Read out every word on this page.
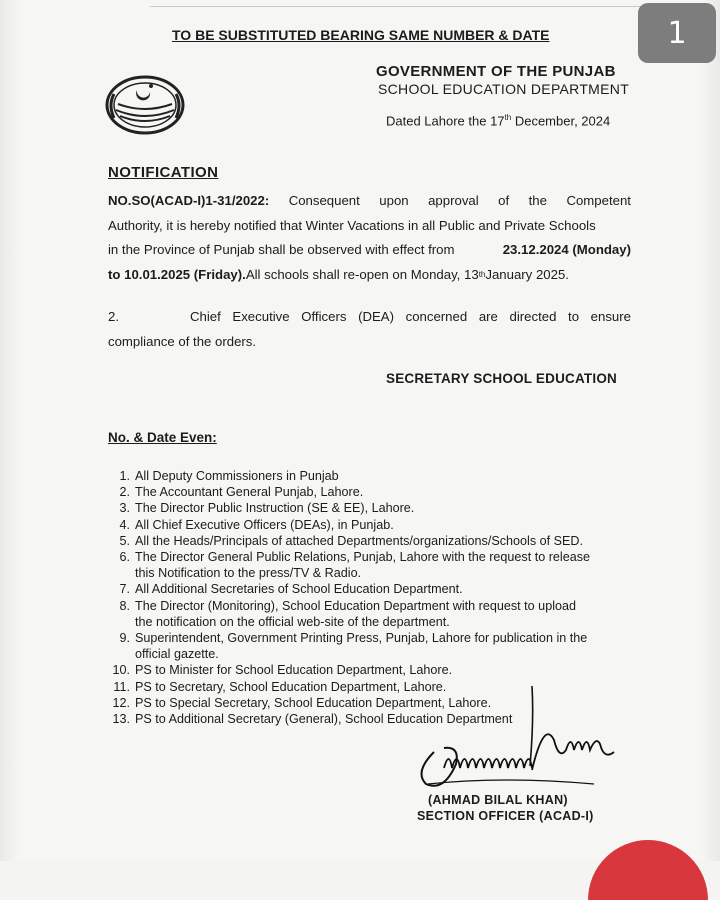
TO BE SUBSTITUTED BEARING SAME NUMBER & DATE	1
GOVERNMENT OF THE PUNJAB
SCHOOL EDUCATION DEPARTMENT
Dated Lahore the 17th December, 2024
NOTIFICATION
NO.SO(ACAD-I)1-31/2022: Consequent upon approval of the Competent
Authority, it is hereby notified that Winter Vacations in all Public and Private Schools
in the Province of Punjab shall be observed with effect from	23.12.2024 (Monday)
to 10.01.2025 (Friday). All schools shall re-open on Monday, 13 th January 2025.
2.	Chief Executive Officers (DEA) concerned are directed to ensure
compliance of the orders.
SECRETARY SCHOOL EDUCATION
No. & Date Even:
1. All Deputy Commissioners in Punjab
2. The Accountant General Punjab, Lahore.
3. The Director Public Instruction (SE & EE), Lahore.
4. All Chief Executive Officers (DEAs), in Punjab.
5. All the Heads/Principals of attached Departments/organizations/Schools of SED.
6. The Director General Public Relations, Punjab, Lahore with the request to release
this Notification to the press/TV & Radio.
7. All Additional Secretaries of School Education Department.
8. The Director (Monitoring), School Education Department with request to upload
the notification on the official web-site of the department.
9. Superintendent, Government Printing Press, Punjab, Lahore for publication in the
official gazette.
10. PS to Minister for School Education Department, Lahore.
11. PS to Secretary, School Education Department, Lahore.
12. PS to Special Secretary, School Education Department, Lahore.
13. PS to Additional Secretary (General), School Education Department
(AHMAD BILAL KHAN)
SECTION OFFICER (ACAD-I)
